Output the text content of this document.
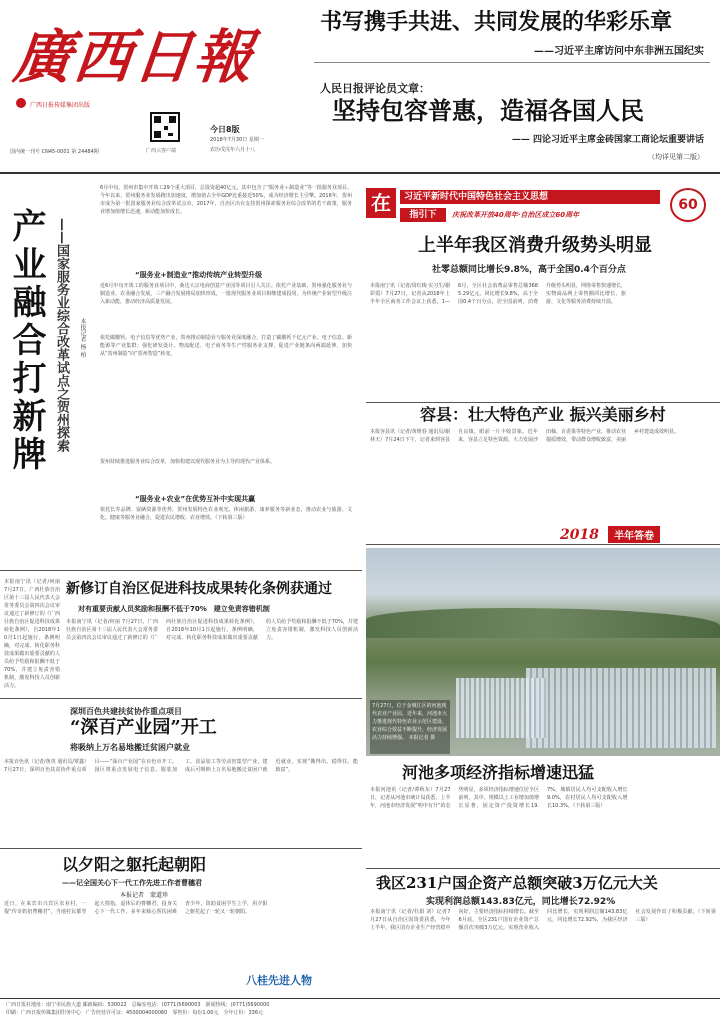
廣西日報
广西日报传媒集团出版
广西云客户端
今日8版
2018年7月30日 星期一
农历戊戌年六月十八
国内统一刊号 CN45-0001 第 24484期
书写携手共进、共同发展的华彩乐章
——习近平主席访问中东非洲五国纪实
人民日报评论员文章：
坚持包容普惠，造福各国人民
—— 四论习近平主席金砖国家工商论坛重要讲话
（均详见第二版）
6月中旬，贺州市集中开竣工29个重大项目，总投资超40亿元，其中包含了“服务业＋制造业”等一批服务业项目。今年以来，贺州服务业发展跑出加速度，增加值占全年GDP比重接近50%，成为经济增长主引擎。2016年，贺州市成为第一批国家服务业综合改革试点市。2017年，自治区出台支持贺州探索服务业综合改革的若干政策，服务业增加值增长迅速，新动能加快成长。
产业融合打新牌 ——国家服务业综合改革试点之贺州探索 本报记者 杨 柏
“服务业+制造业”推动传统产业转型升级
近6月中旬开竣工的服务业项目中，桑达大宗电商创意产业园等项目引人关注。依托产业基础，贺州强化服务业与制造业、农业融合发展，三产融合发展格局加快形成，一批现代服务业项目相继建成投用，为传统产业转型升级注入新动能，推动经济高质量发展。
依托碳酸钙、电子信息等优势产业，贺州推动制造业与服务业深度融合，打造了碳酸钙千亿元产业、电子信息、新能源等产业集群；强化研发设计、物流配送、电子商务等生产性服务业支撑，促进产业链条向两端延伸，加快从“贺州制造”向“贺州智造”转变。
“服务业+农业”在优势互补中实现共赢
依托长寿品牌、富硒资源等优势，贺州发展特色农业观光、休闲旅游、康养服务等新业态，推动农业与旅游、文化、健康等服务业融合，促进农民增收、农业增效。（下转第三版）
贺州持续推进服务业综合改革，加快构建以现代服务业为主导的现代产业体系。
在	习近平新时代中国特色社会主义思想
指引下	庆祝改革开放40周年·自治区成立60周年
60
上半年我区消费升级势头明显
社零总额同比增长9.8%，高于全国0.4个百分点
本报南宁讯（记者/周红梅 实习生/谢彩霞）7月27日，记者从2018年上半年全区商务工作会议上获悉，1—6月，全区社会消费品零售总额3685.29亿元，同比增长9.8%，高于全国0.4个百分点，居全国前列。消费升级势头明显，网络零售快速增长，实物商品网上零售额同比增长，旅游、文化等服务消费持续升温。
容县：壮大特色产业 振兴美丽乡村
本报容县讯（记者/黄维春 通讯员/谢林天）7月24日下午，记者来到容县自良镇，眼前一片丰收景象。近年来，容县立足特色资源，大力发展沙田柚、百香果等特色产业，推动农业提质增效，带动群众增收致富，美丽乡村建设成效明显。
2018 半年答卷
新修订自治区促进科技成果转化条例获通过
对有重要贡献人员奖励和报酬不低于70%　建立免责容错机制
本报南宁讯（记者/何丽 7月27日，广西壮族自治区第十三届人民代表大会常务委员会第四次会议审议通过了新修订的《广西壮族自治区促进科技成果转化条例》，自2018年10月1日起施行。条例明确，对完成、转化职务科技成果做出重要贡献的人员给予奖励和报酬不低于70%，并建立免责容错机制，激发科技人员创新活力。
本报南宁讯（记者/何丽 7月27日，广西壮族自治区第十三届人民代表大会常务委员会第四次会议审议通过了新修订的《广西壮族自治区促进科技成果转化条例》，自2018年10月1日起施行。条例明确，对完成、转化职务科技成果做出重要贡献的人员给予奖励和报酬不低于70%，并建立免责容错机制，激发科技人员创新活力。
深圳百色共建扶贫协作重点项目
“深百产业园”开工
将吸纳上万名易地搬迁贫困户就业
本报百色讯（记者/黄英 通讯员/覃鑫）7月27日，深圳百色扶贫协作重点项目——“深百产业园”在百色市开工。园区将重点发展电子信息、服装加工、食品加工等劳动密集型产业，建成后可吸纳上万名易地搬迁贫困户就近就业，实现“搬得出、稳得住、能致富”。
以夕阳之躯托起朝阳
——记全国关心下一代工作先进工作者曹穗君
本报记者　蒙道珍
近日，在来宾市兴宾区农业村，一提“传奇奶奶曹穗君”，当地村民都竖起大拇指。退休后的曹穗君，投身关心下一代工作，多年来倾心帮扶困难青少年，资助贫困学生上学，用夕阳之躯托起了一轮又一轮朝阳。
八桂先进人物
7月27日，位于金城江区的河池现代农业产业园。近年来，河池市大力推进现代特色农业示范区建设，农业综合效益不断提升，经济发展活力持续增强。 本报记者 摄
河池多项经济指标增速迅猛
本报河池讯（记者/谭秋东）7月27日，记者从河池市统计局获悉，上半年，河池市经济发展“明中有升”的态势明显，多项经济指标增速位居全区前列。其中，规模以上工业增加值增长显著，固定资产投资增长19.7%，城镇居民人均可支配收入增长9.0%，农村居民人均可支配收入增长10.3%。（下转第三版）
我区231户国企资产总额突破3万亿元大关
实现利润总额143.83亿元，同比增长72.92%
本报南宁讯（记者/杜娟 刘）记者7月27日从自治区国资委获悉，今年上半年，我区国有企业生产经营稳中向好，主要经济指标持续增长。截至6月底，全区231户国有企业资产总额首次突破3万亿元，实现营业收入同比增长，实现利润总额143.83亿元，同比增长72.92%，为我区经济社会发展作出了积极贡献。（下转第三版）
广西日报社地址：南宁市民族大道 邮政编码：530022　总编室电话：(0771)5690003　新闻热线：(0771)5690000
印刷：广西日报传媒集团印务中心　广告经营许可证：4500004000060　零售价：每份1.00元　全年订价：336元
